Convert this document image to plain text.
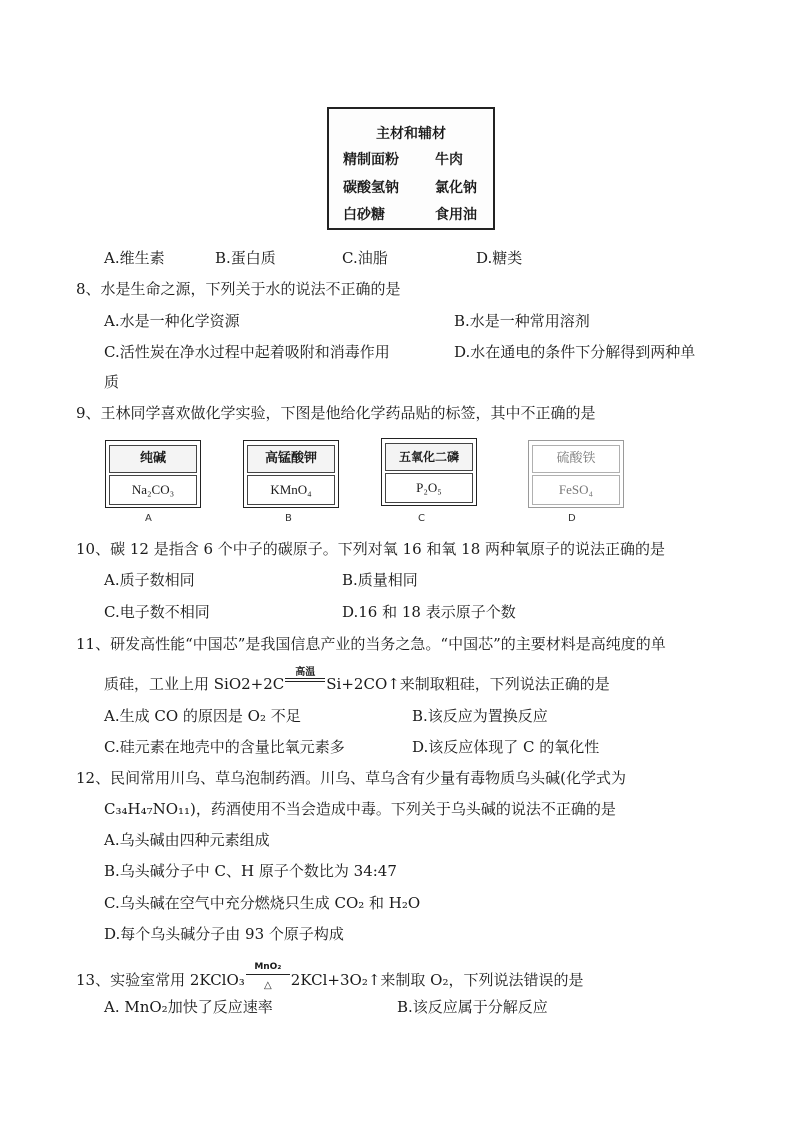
主材和辅材
精制面粉	牛肉
碳酸氢钠	氯化钠
白砂糖	食用油
A.维生素	B.蛋白质	C.油脂	D.糖类
8、水是生命之源，下列关于水的说法不正确的是
A.水是一种化学资源	B.水是一种常用溶剂
C.活性炭在净水过程中起着吸附和消毒作用	D.水在通电的条件下分解得到两种单
质
9、王林同学喜欢做化学实验，下图是他给化学药品贴的标签，其中不正确的是
纯碱
Na₂CO₃
A
高锰酸钾
KMnO₄
B
五氧化二磷
P₂O₅
C
硫酸铁
FeSO₄
D
10、碳 12 是指含 6 个中子的碳原子。下列对氧 16 和氧 18 两种氧原子的说法正确的是
A.质子数相同	B.质量相同
C.电子数不相同	D.16 和 18 表示原子个数
11、研发高性能“中国芯”是我国信息产业的当务之急。“中国芯”的主要材料是高纯度的单
质硅，工业上用 SiO2+2C
高温
Si+2CO↑来制取粗硅，下列说法正确的是
A.生成 CO 的原因是 O₂ 不足	B.该反应为置换反应
C.硅元素在地壳中的含量比氧元素多	D.该反应体现了 C 的氧化性
12、民间常用川乌、草乌泡制药酒。川乌、草乌含有少量有毒物质乌头碱(化学式为
C₃₄H₄₇NO₁₁)，药酒使用不当会造成中毒。下列关于乌头碱的说法不正确的是
A.乌头碱由四种元素组成
B.乌头碱分子中 C、H 原子个数比为 34:47
C.乌头碱在空气中充分燃烧只生成 CO₂ 和 H₂O
D.每个乌头碱分子由 93 个原子构成
13、实验室常用 2KClO₃
MnO₂
△	2KCl+3O₂↑来制取 O₂，下列说法错误的是
A. MnO₂加快了反应速率	B.该反应属于分解反应
